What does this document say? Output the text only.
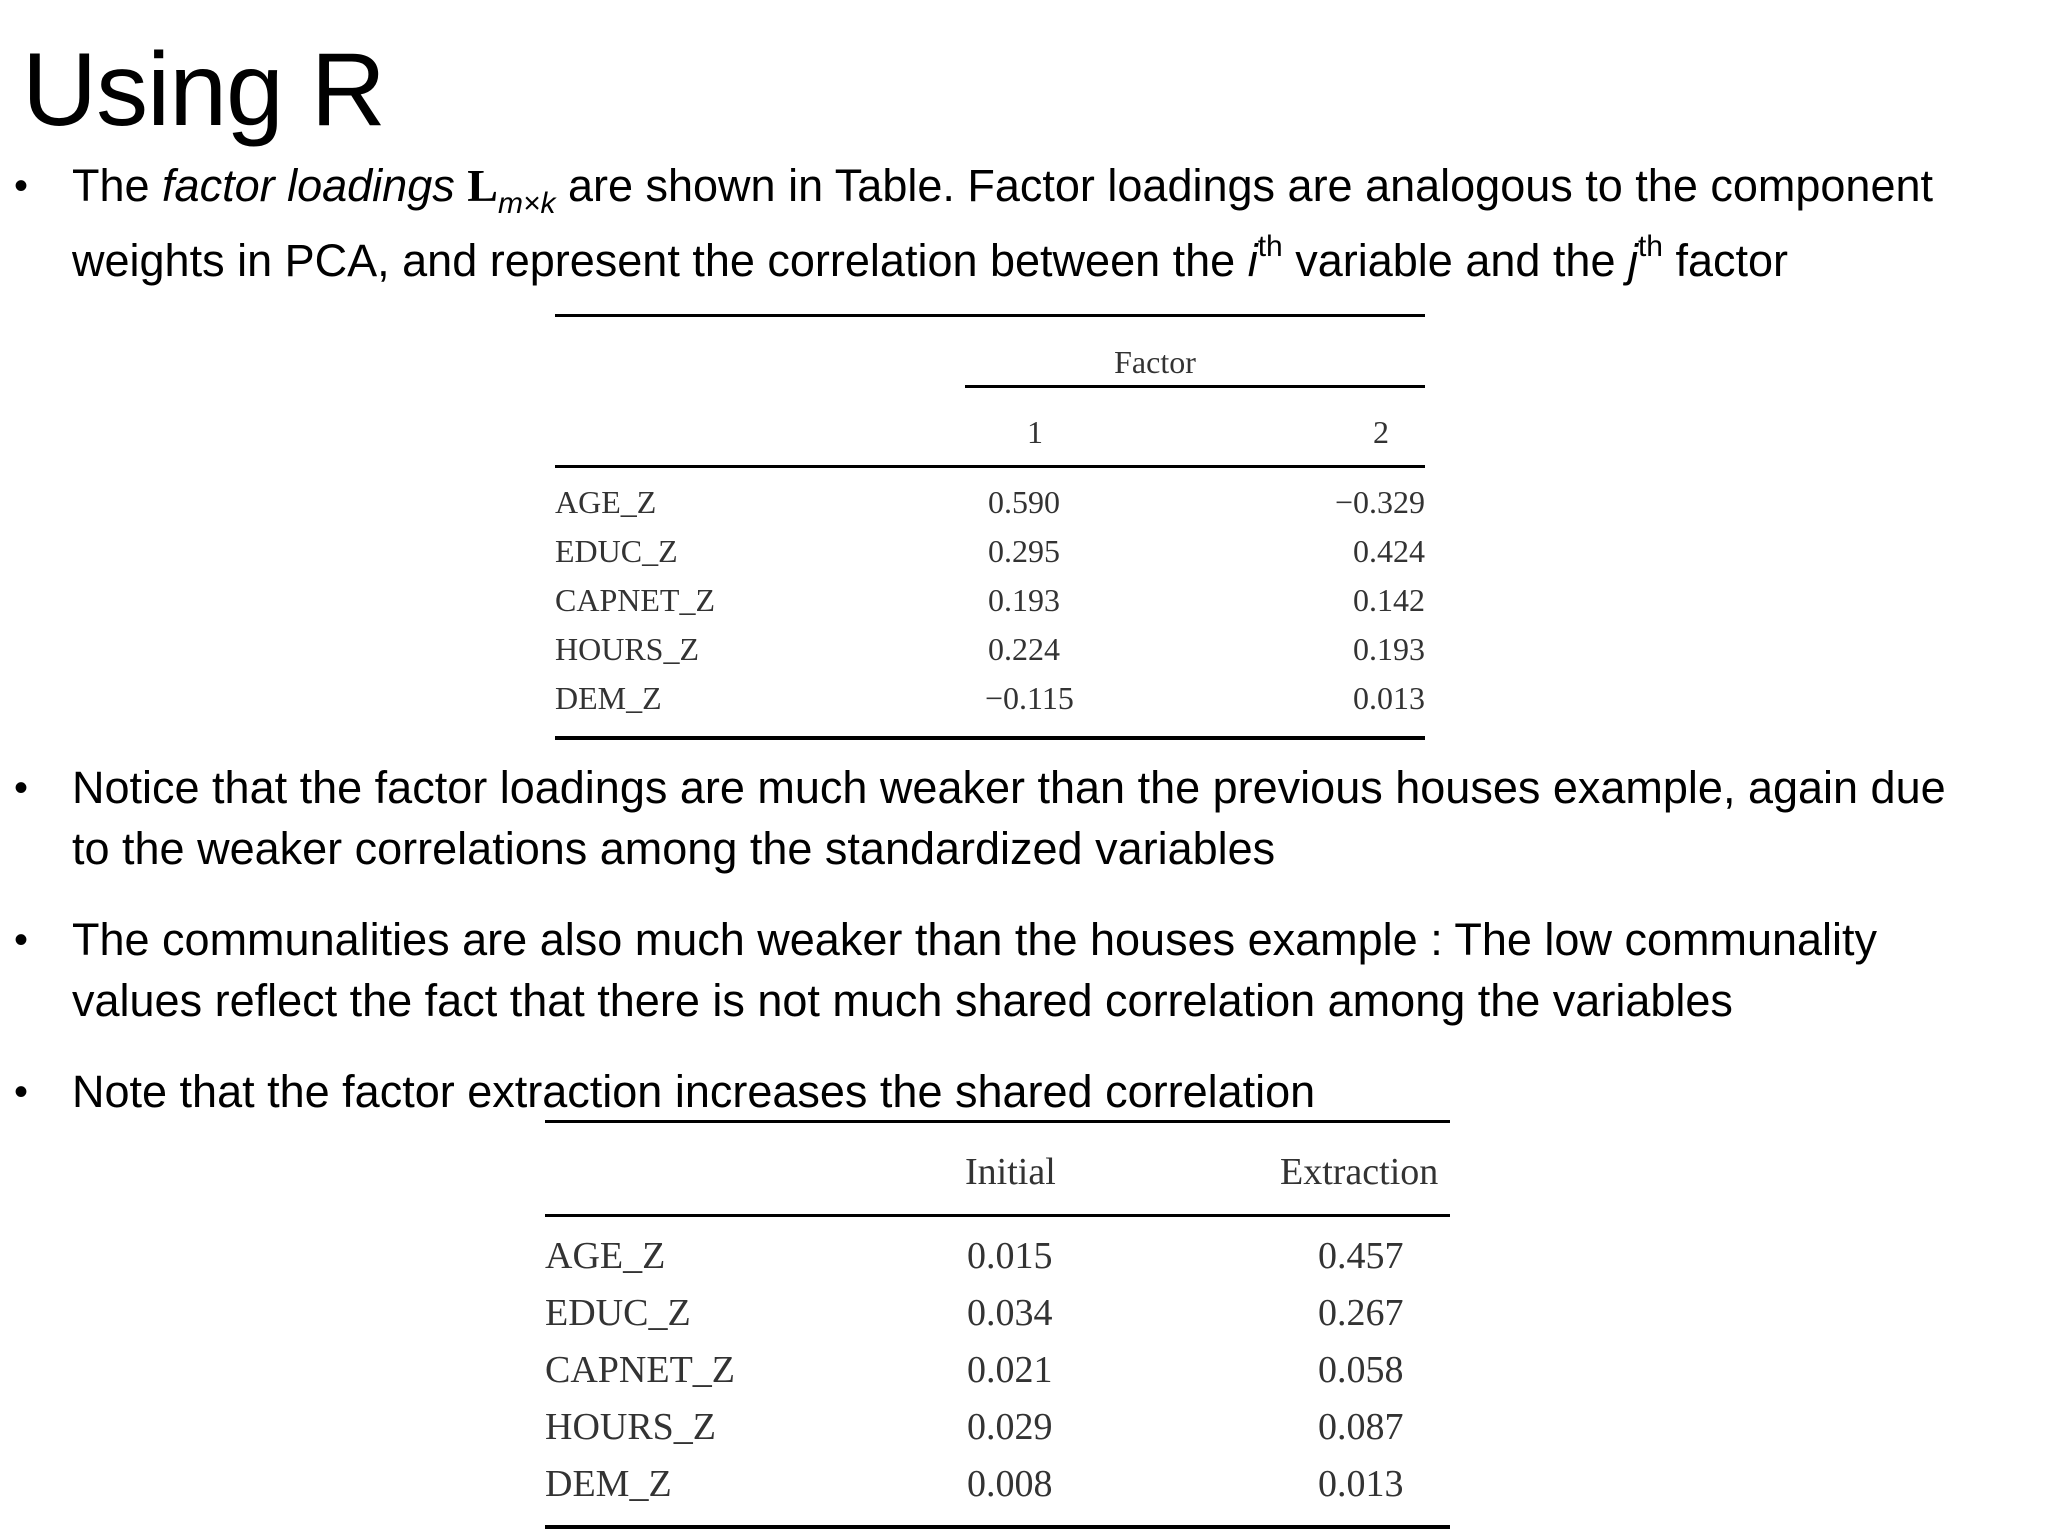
Using R
• The factor loadings $L_{m\times k}$ are shown in Table. Factor loadings are analogous to the component
weights in PCA, and represent the correlation between the $i^{th}$ variable and the $j^{th}$ factor
Factor
1	2
AGE_Z	0.590	−0.329
EDUC_Z	0.295	0.424
CAPNET_Z	0.193	0.142
HOURS_Z	0.224	0.193
DEM_Z	−0.115	0.013
• Notice that the factor loadings are much weaker than the previous houses example, again due
to the weaker correlations among the standardized variables
• The communalities are also much weaker than the houses example : The low communality
values reflect the fact that there is not much shared correlation among the variables
• Note that the factor extraction increases the shared correlation
Initial	Extraction
AGE_Z	0.015	0.457
EDUC_Z	0.034	0.267
CAPNET_Z	0.021	0.058
HOURS_Z	0.029	0.087
DEM_Z	0.008	0.013
